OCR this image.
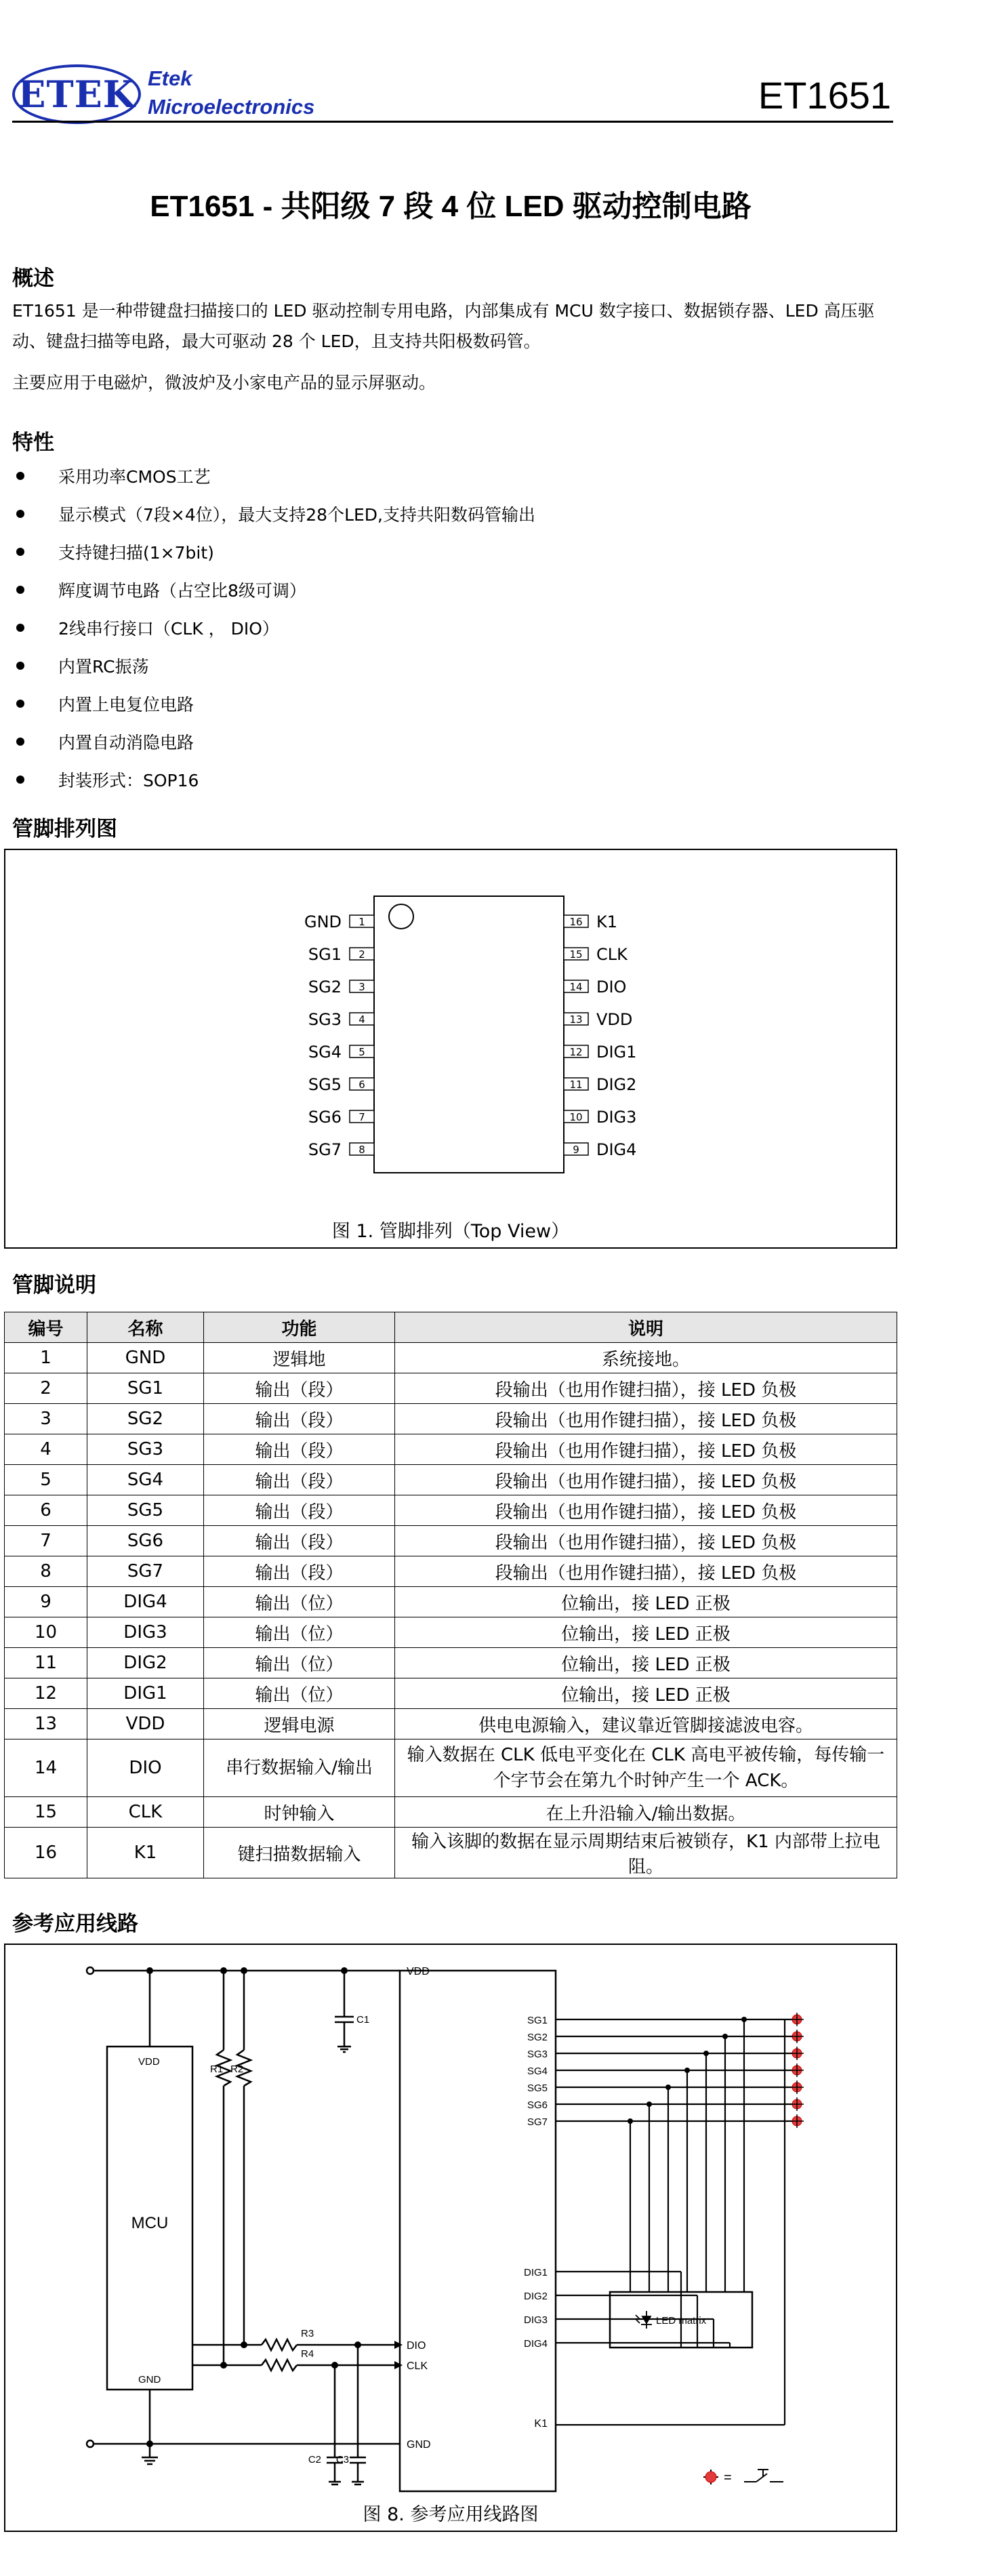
ETEK Etek
Microelectronics	ET1651
ET1651 - 共阳级 7 段 4 位 LED 驱动控制电路
概述
ET1651 是一种带键盘扫描接口的 LED 驱动控制专用电路，内部集成有 MCU 数字接口、数据锁存器、LED 高压驱动、键盘扫描等电路，最大可驱动 28 个 LED，且支持共阳极数码管。
主要应用于电磁炉，微波炉及小家电产品的显示屏驱动。
特性
采用功率CMOS工艺
显示模式（7段×4位），最大支持28个LED,支持共阳数码管输出
支持键扫描(1×7bit)
辉度调节电路（占空比8级可调）
2线串行接口（CLK ， DIO）
内置RC振荡
内置上电复位电路
内置自动消隐电路
封装形式：SOP16
管脚排列图
1
GND
2
SG1
3
SG2
4
SG3
5
SG4
6
SG5
7
SG6
8
SG7
16 K1
15 CLK
14 DIO
13 VDD
12 DIG1
11 DIG2
10 DIG3
9 DIG4
图 1. 管脚排列（Top View）
管脚说明
编号	名称	功能	说明
1	GND	逻辑地	系统接地。
2	SG1	输出（段）	段输出（也用作键扫描），接 LED 负极
3	SG2	输出（段）	段输出（也用作键扫描），接 LED 负极
4	SG3	输出（段）	段输出（也用作键扫描），接 LED 负极
5	SG4	输出（段）	段输出（也用作键扫描），接 LED 负极
6	SG5	输出（段）	段输出（也用作键扫描），接 LED 负极
7	SG6	输出（段）	段输出（也用作键扫描），接 LED 负极
8	SG7	输出（段）	段输出（也用作键扫描），接 LED 负极
9	DIG4	输出（位）	位输出，接 LED 正极
10	DIG3	输出（位）	位输出，接 LED 正极
11	DIG2	输出（位）	位输出，接 LED 正极
12	DIG1	输出（位）	位输出，接 LED 正极
13	VDD	逻辑电源	供电电源输入，建议靠近管脚接滤波电容。
14	DIO	串行数据输入/输出	输入数据在 CLK 低电平变化在 CLK 高电平被传输，每传输一个字节会在第九个时钟产生一个 ACK。
15	CLK	时钟输入	在上升沿输入/输出数据。
16	K1	键扫描数据输入	输入该脚的数据在显示周期结束后被锁存，K1 内部带上拉电阻。
参考应用线路
SG1
SG2
SG3
SG4
SG5
SG6
SG7
DIG1
DIG2
DIG3
DIG4
VDD
GND
VDD
GND
MCU
DIO
CLK
K1
LED matrix
C1
C2 C3
R1 R2
R3
R4
=
图 8. 参考应用线路图
